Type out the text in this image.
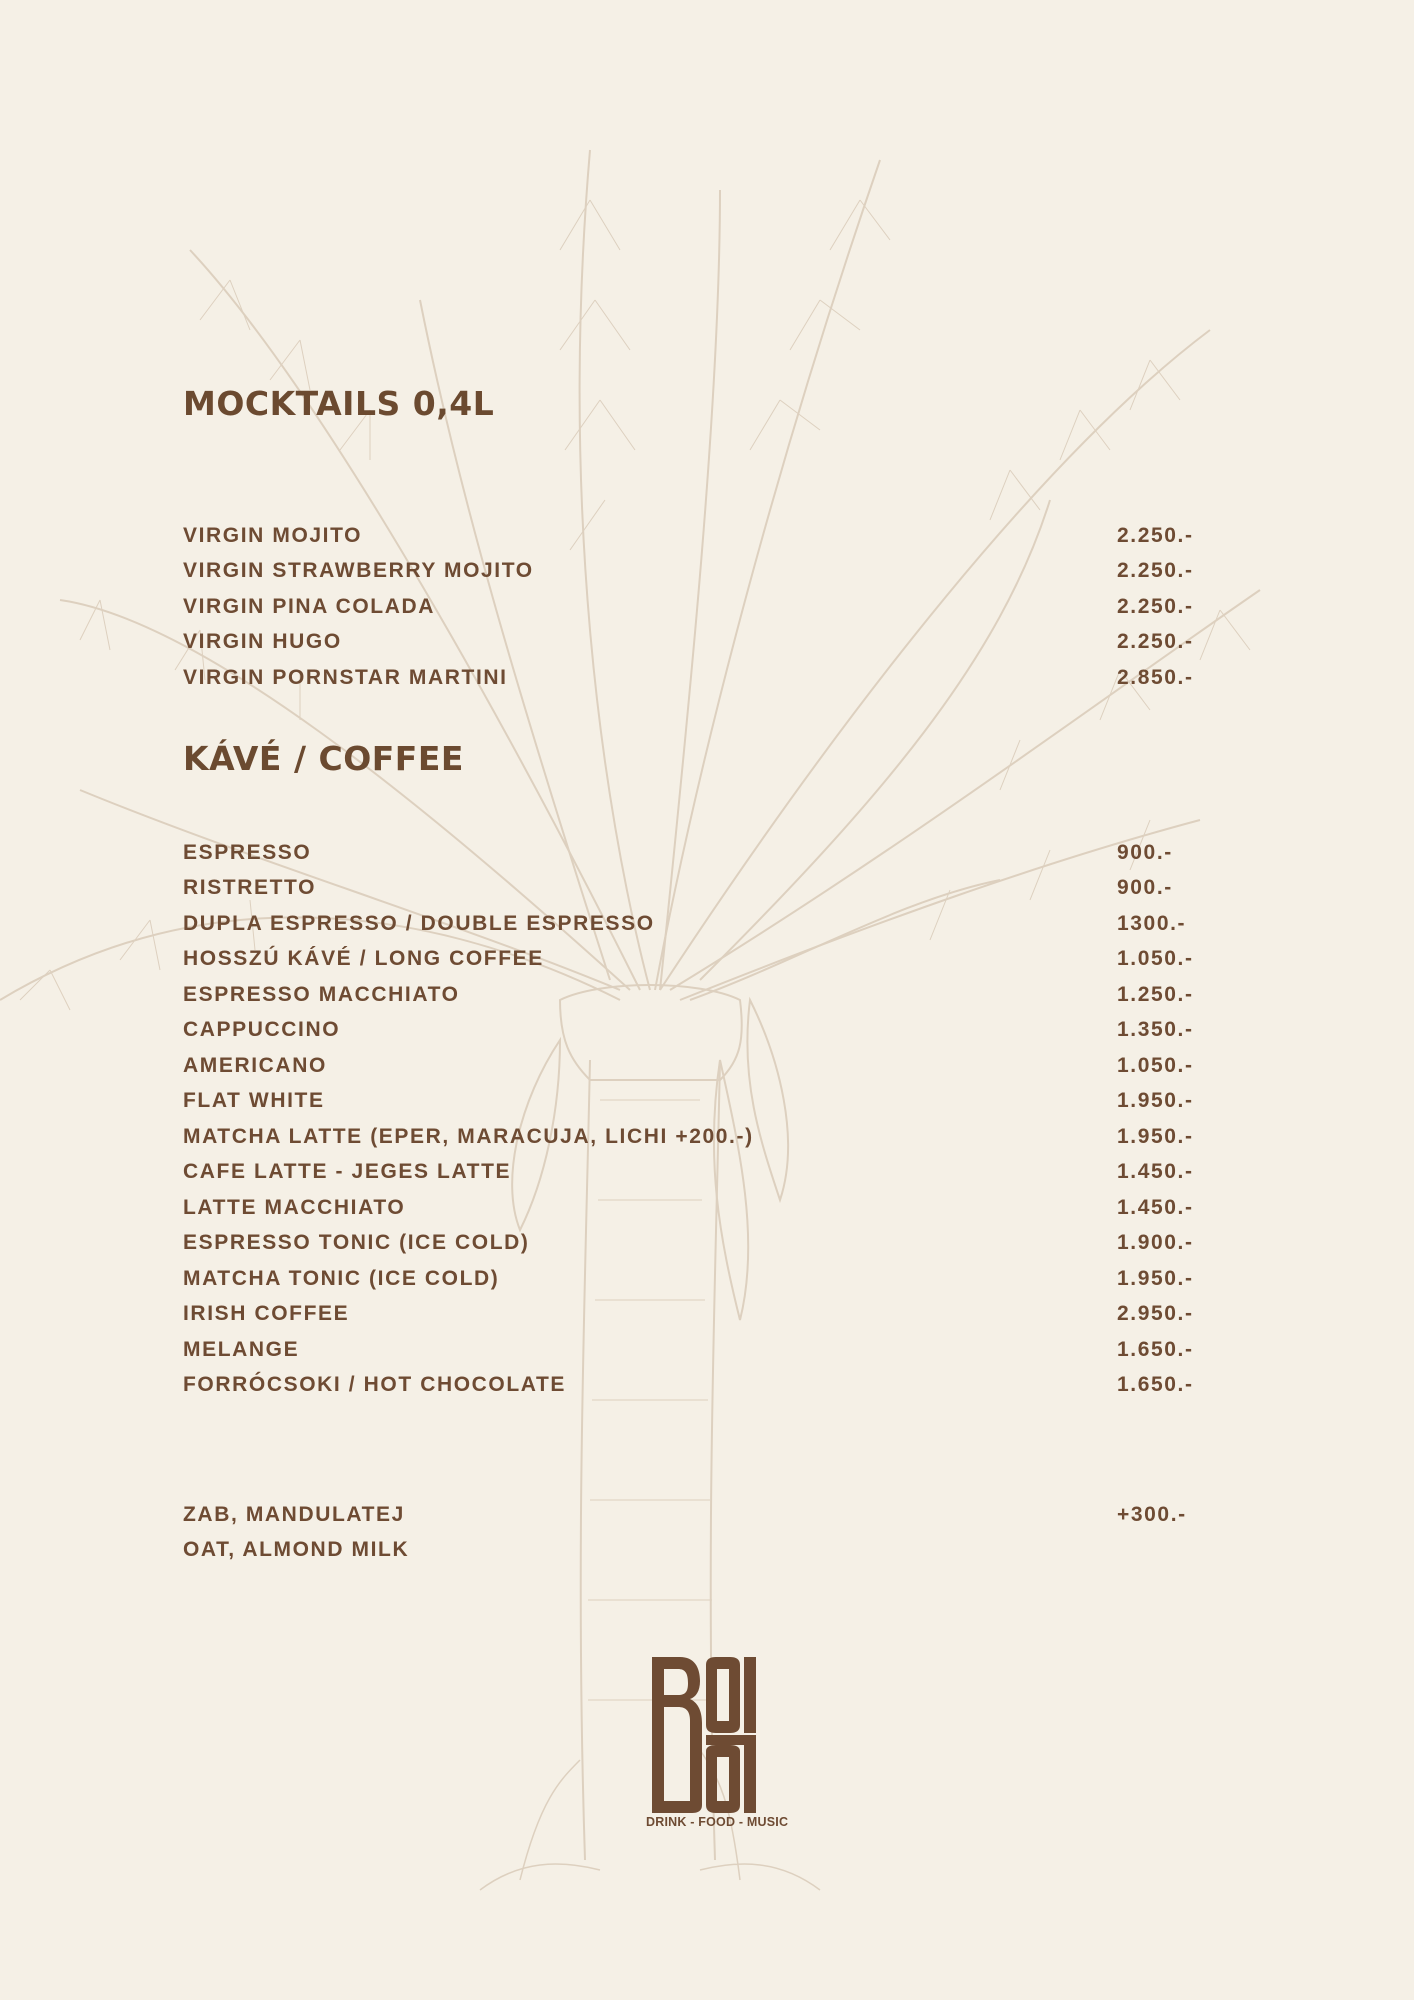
MOCKTAILS 0,4L
VIRGIN MOJITO	2.250.-
VIRGIN STRAWBERRY MOJITO	2.250.-
VIRGIN PINA COLADA	2.250.-
VIRGIN HUGO	2.250.-
VIRGIN PORNSTAR MARTINI	2.850.-
KÁVÉ / COFFEE
ESPRESSO	900.-
RISTRETTO	900.-
DUPLA ESPRESSO / DOUBLE ESPRESSO	1300.-
HOSSZÚ KÁVÉ / LONG COFFEE	1.050.-
ESPRESSO MACCHIATO	1.250.-
CAPPUCCINO	1.350.-
AMERICANO	1.050.-
FLAT WHITE	1.950.-
MATCHA LATTE (EPER, MARACUJA, LICHI +200.-)	1.950.-
CAFE LATTE - JEGES LATTE	1.450.-
LATTE MACCHIATO	1.450.-
ESPRESSO TONIC (ICE COLD)	1.900.-
MATCHA TONIC (ICE COLD)	1.950.-
IRISH COFFEE	2.950.-
MELANGE	1.650.-
FORRÓCSOKI / HOT CHOCOLATE	1.650.-
ZAB, MANDULATEJ	+300.-
OAT, ALMOND MILK
DRINK - FOOD - MUSIC
